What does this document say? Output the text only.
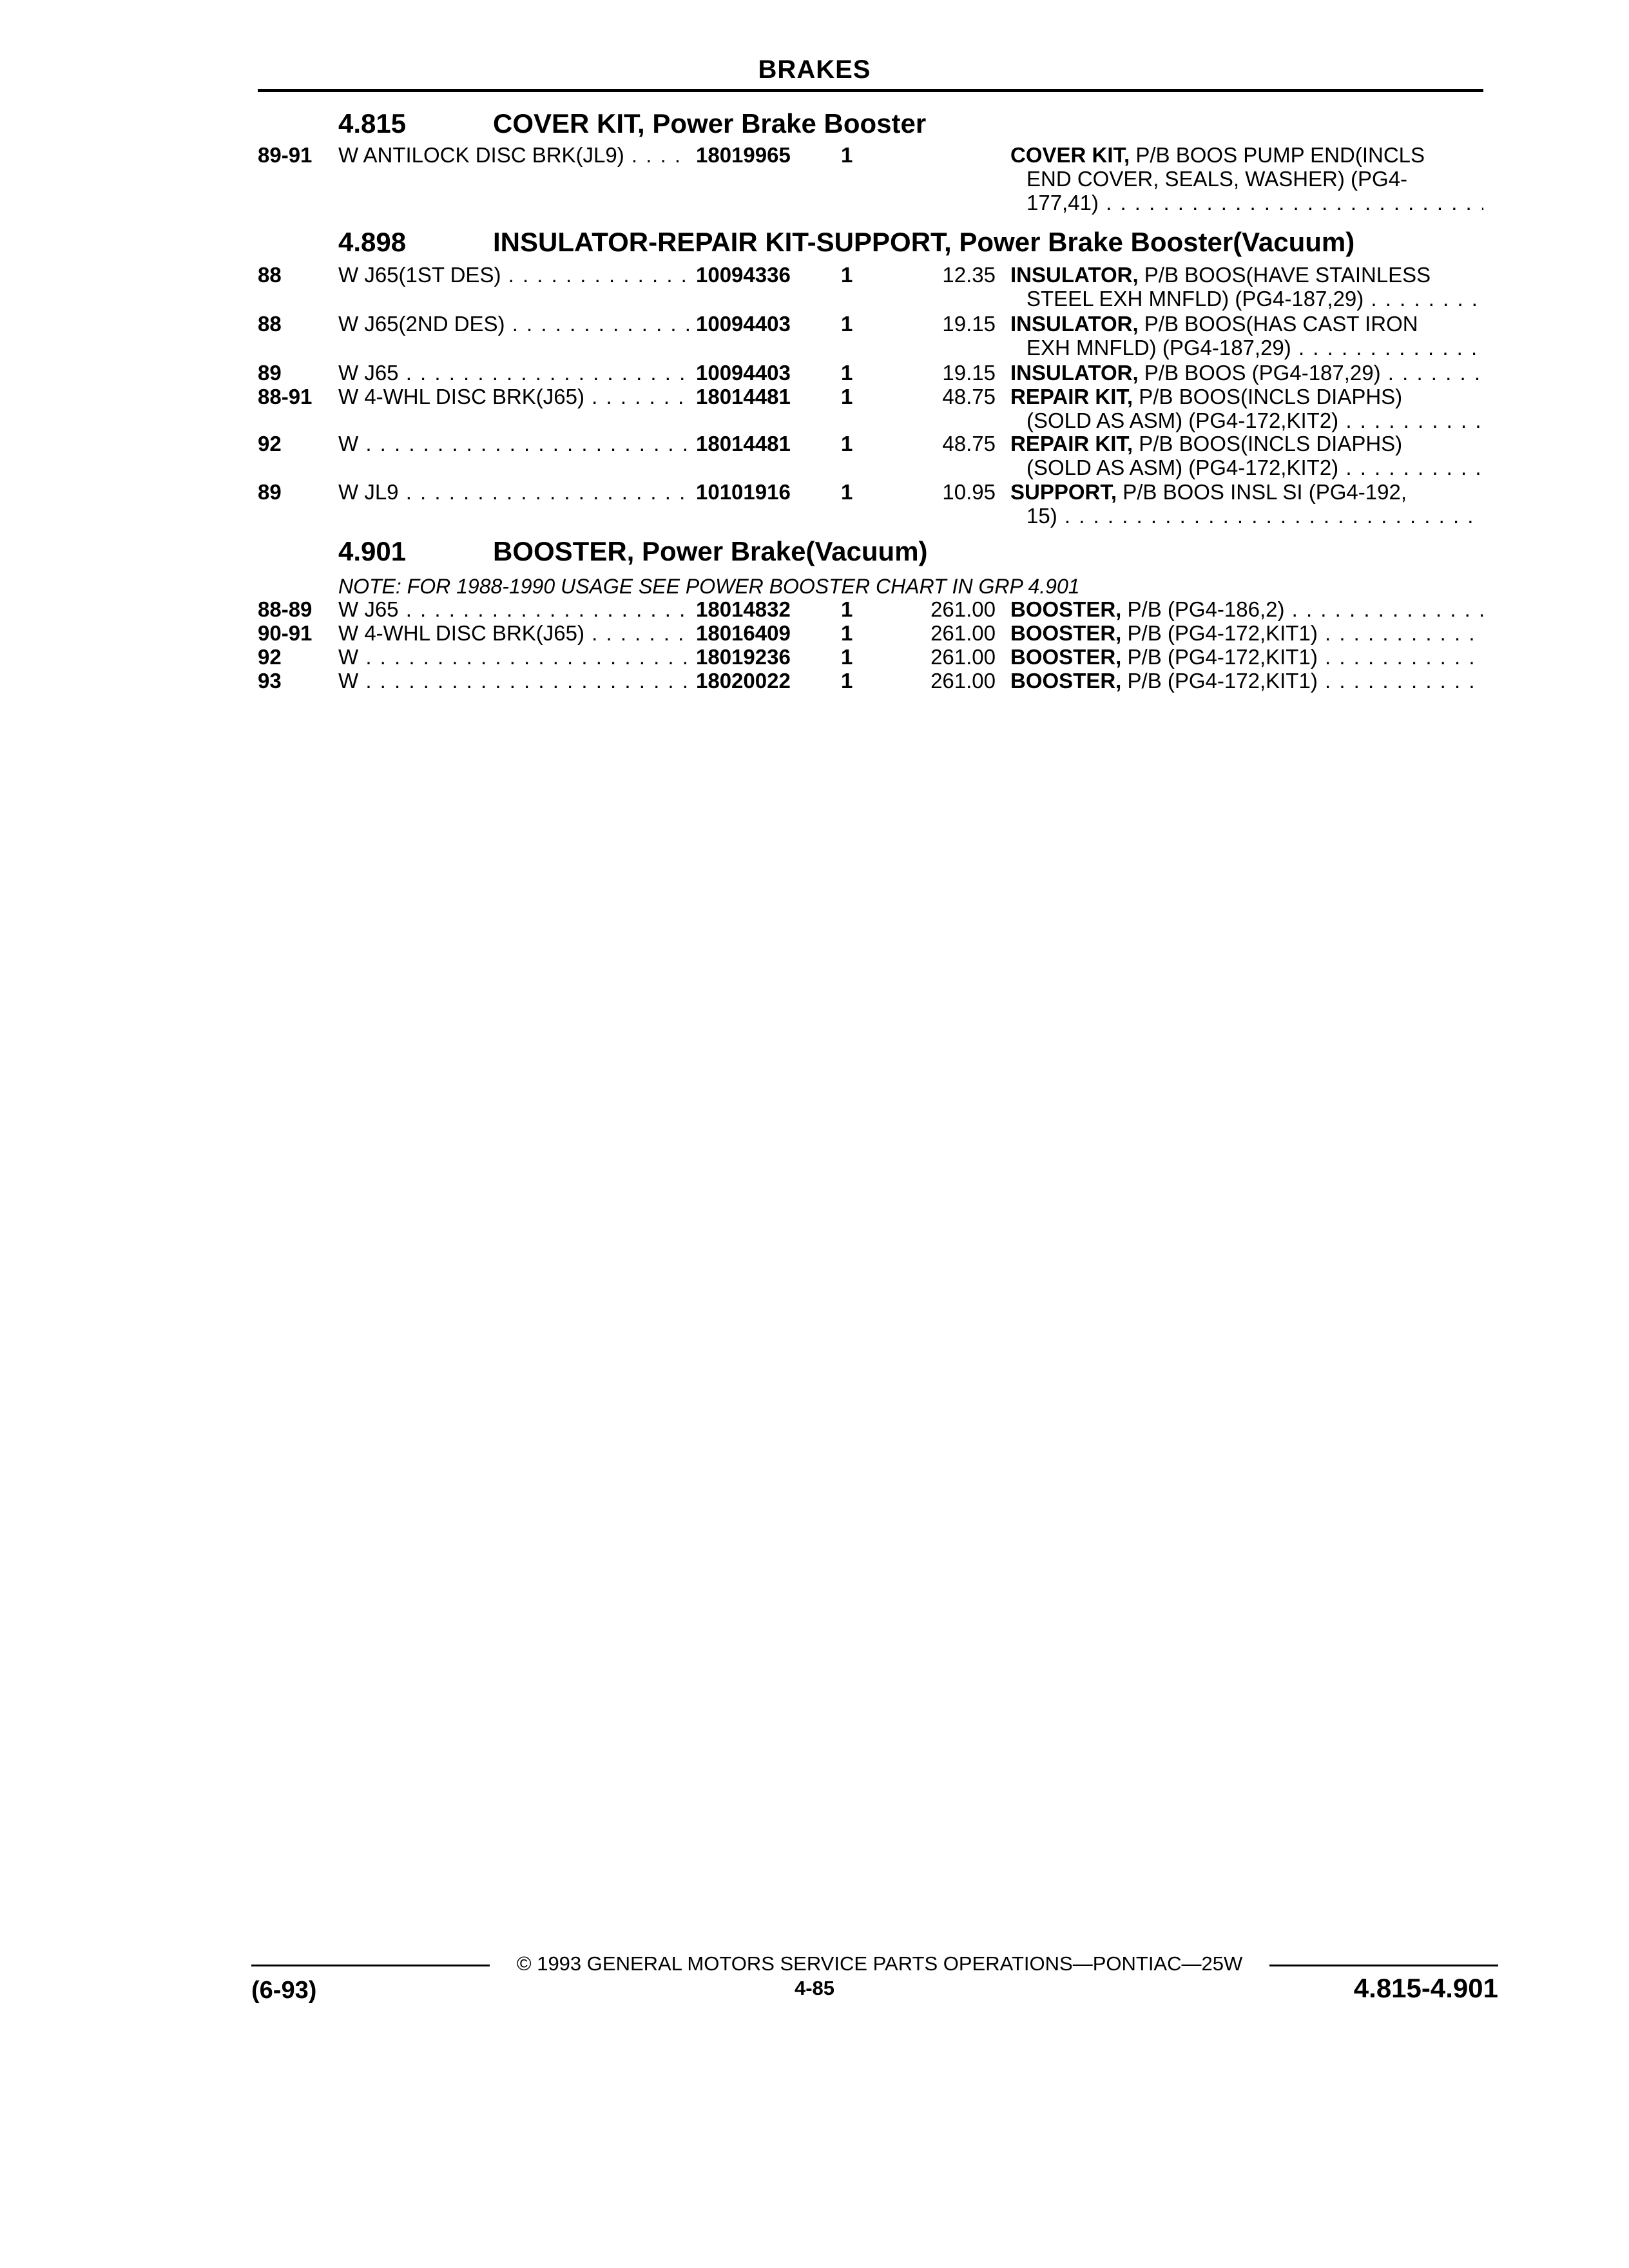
BRAKES
4.815	COVER KIT, Power Brake Booster
89-91 W ANTILOCK DISC BRK(JL9) . . .	18019965 1	COVER KIT, P/B BOOS PUMP END(INCLS
END COVER, SEALS, WASHER) (PG4-
177,41) . . .
4.898	INSULATOR-REPAIR KIT-SUPPORT, Power Brake Booster(Vacuum)
88	W J65(1ST DES) . . .	10094336 1	12.35 INSULATOR, P/B BOOS(HAVE STAINLESS
STEEL EXH MNFLD) (PG4-187,29) . . .
88	W J65(2ND DES) . . .	10094403 1	19.15 INSULATOR, P/B BOOS(HAS CAST IRON
EXH MNFLD) (PG4-187,29) . . .
89	W J65 . . .	10094403 1	19.15 INSULATOR, P/B BOOS (PG4-187,29) . . .
88-91 W 4-WHL DISC BRK(J65) . . .	18014481 1	48.75 REPAIR KIT, P/B BOOS(INCLS DIAPHS)
(SOLD AS ASM) (PG4-172,KIT2) . . .
92	W . . .	18014481 1	48.75 REPAIR KIT, P/B BOOS(INCLS DIAPHS)
(SOLD AS ASM) (PG4-172,KIT2) . . .
89	W JL9 . . .	10101916 1	10.95 SUPPORT, P/B BOOS INSL SI (PG4-192,
15) . . .
4.901	BOOSTER, Power Brake(Vacuum)
NOTE: FOR 1988-1990 USAGE SEE POWER BOOSTER CHART IN GRP 4.901
88-89 W J65 . . .	18014832 1	261.00 BOOSTER, P/B (PG4-186,2) . . .
90-91 W 4-WHL DISC BRK(J65) . . .	18016409 1	261.00 BOOSTER, P/B (PG4-172,KIT1) . . .
92	W . . .	18019236 1	261.00 BOOSTER, P/B (PG4-172,KIT1) . . .
93	W . . .	18020022 1	261.00 BOOSTER, P/B (PG4-172,KIT1) . . .
© 1993 GENERAL MOTORS SERVICE PARTS OPERATIONS—PONTIAC—25W
(6-93)	4-85	4.815-4.901
